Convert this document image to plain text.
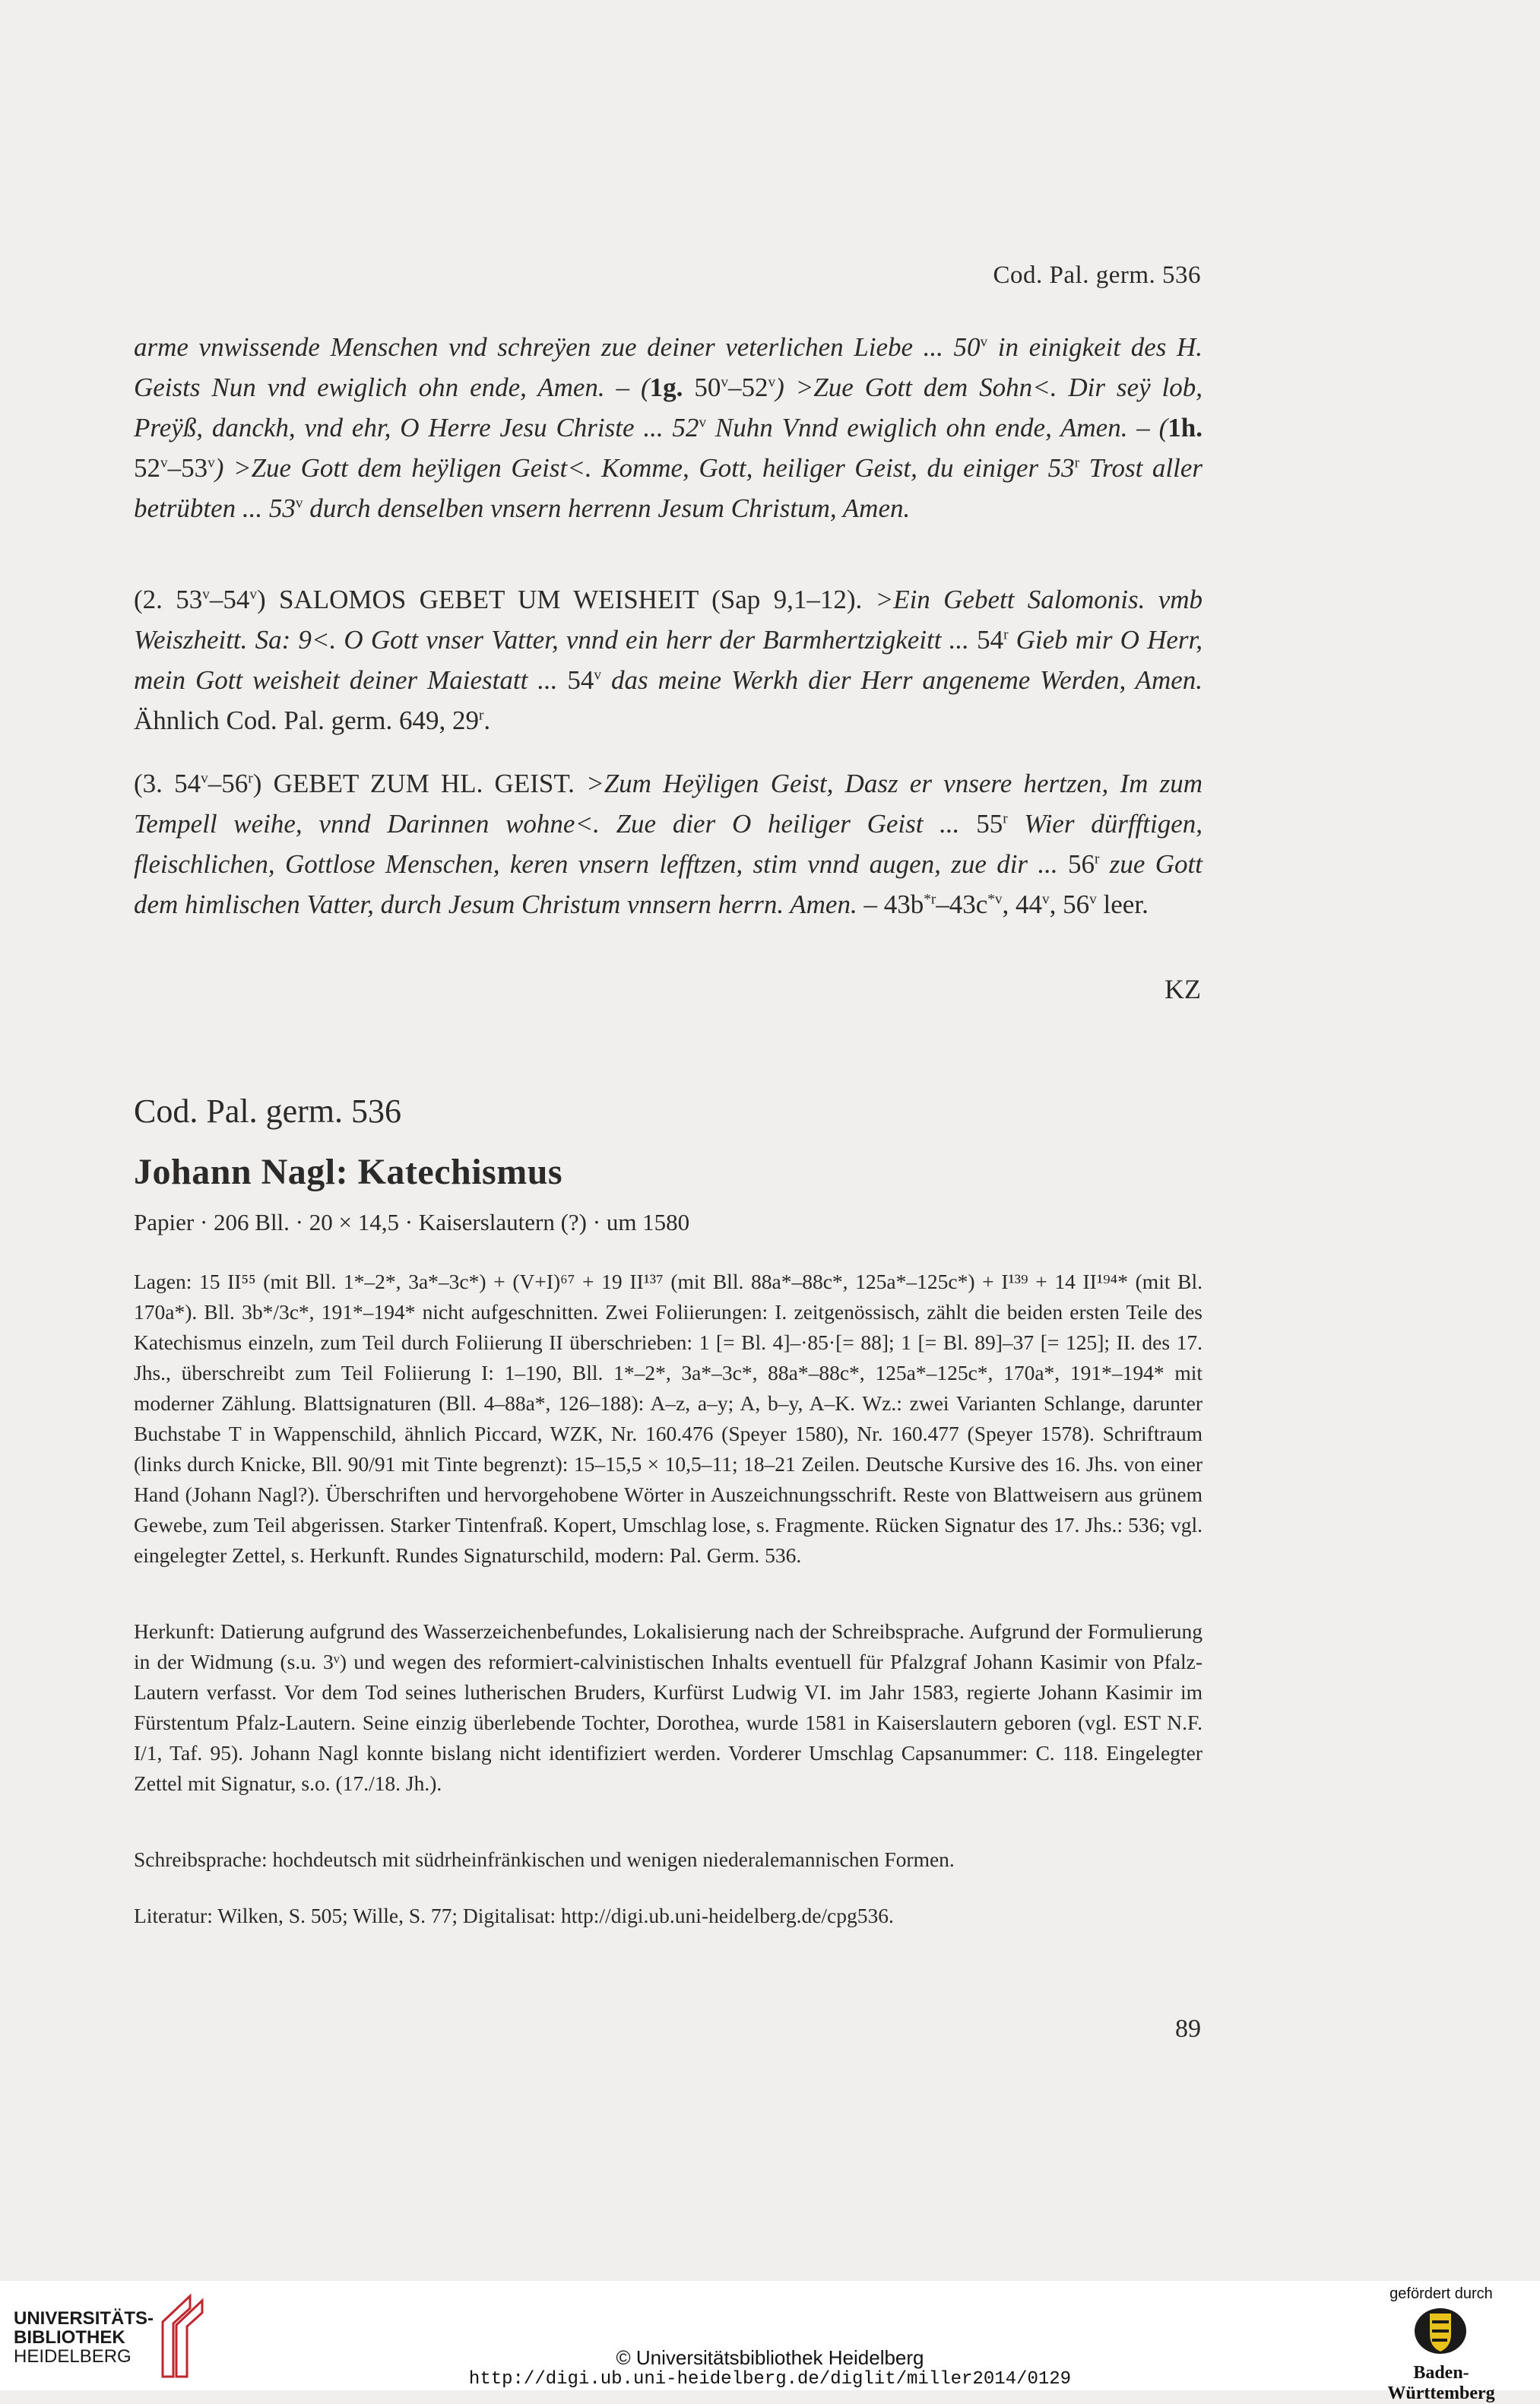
Cod. Pal. germ. 536
arme vnwissende Menschen vnd schreÿen zue deiner veterlichen Liebe ... 50$^v$ in einigkeit des H. Geists Nun vnd ewiglich ohn ende, Amen. – (1g. $50^v-52^v) >Zue$ Gott dem Sohn<. Dir seÿ lob, Preÿß, danckh, vnd ehr, O Herre Jesu Christe ... 52$^v$ Nuhn Vnnd ewiglich ohn ende, Amen. – (1h. $52^v-53^v) >Zue$ Gott dem heÿligen Geist<. Komme, Gott, heiliger Geist, du einiger 53$^r$ Trost aller betrübten ... 53$^v$ durch denselben vnsern herrenn Jesum Christum, Amen.
(2. 53$^v$–54$^v$) SALOMOS GEBET UM WEISHEIT (Sap 9,1–12). >Ein Gebett Salomonis. vmb Weiszheitt. Sa: 9<. O Gott vnser Vatter, vnnd ein herr der Barmhertzigkeitt ... 54$^r$ Gieb mir O Herr, mein Gott weisheit deiner Maiestatt ... 54$^v$ das meine Werkh dier Herr angeneme Werden, Amen. Ähnlich Cod. Pal. germ. 649, 29$^r$.
(3. 54$^v$–56$^r$) GEBET ZUM HL. GEIST. >Zum Heÿligen Geist, Dasz er vnsere hertzen, Im zum Tempell weihe, vnnd Darinnen wohne<. Zue dier O heiliger Geist ... 55$^r$ Wier dürfftigen, fleischlichen, Gottlose Menschen, keren vnsern lefftzen, stim vnnd augen, zue dir ... 56$^r$ zue Gott dem himlischen Vatter, durch Jesum Christum vnnsern herrn. Amen. – $43b^{*r}-43c^{*v}$, 44$^v$, 56$^v$ leer.
KZ
Cod. Pal. germ. 536
Johann Nagl: Katechismus
Papier · 206 Bll. · 20 × 14,5 · Kaiserslautern (?) · um 1580
Lagen: 15 II⁵⁵ (mit Bll. 1*–2*, 3a*–3c*) + (V+I)⁶⁷ + 19 II¹³⁷ (mit Bll. 88a*–88c*, 125a*–125c*) + I¹³⁹ + 14 II¹⁹⁴* (mit Bl. 170a*). Bll. 3b*/3c*, 191*–194* nicht aufgeschnitten. Zwei Foliierungen: I. zeitgenössisch, zählt die beiden ersten Teile des Katechismus einzeln, zum Teil durch Foliierung II überschrieben: 1 [= Bl. 4]–·85·[= 88]; 1 [= Bl. 89]–37 [= 125]; II. des 17. Jhs., überschreibt zum Teil Foliierung I: 1–190, Bll. 1*–2*, 3a*–3c*, 88a*–88c*, 125a*–125c*, 170a*, 191*–194* mit moderner Zählung. Blattsignaturen (Bll. 4–88a*, 126–188): A–z, a–y; A, b–y, A–K. Wz.: zwei Varianten Schlange, darunter Buchstabe T in Wappenschild, ähnlich Piccard, WZK, Nr. 160.476 (Speyer 1580), Nr. 160.477 (Speyer 1578). Schriftraum (links durch Knicke, Bll. 90/91 mit Tinte begrenzt): 15–15,5 × 10,5–11; 18–21 Zeilen. Deutsche Kursive des 16. Jhs. von einer Hand (Johann Nagl?). Überschriften und hervorgehobene Wörter in Auszeichnungsschrift. Reste von Blattweisern aus grünem Gewebe, zum Teil abgerissen. Starker Tintenfraß. Kopert, Umschlag lose, s. Fragmente. Rücken Signatur des 17. Jhs.: 536; vgl. eingelegter Zettel, s. Herkunft. Rundes Signaturschild, modern: Pal. Germ. 536.
Herkunft: Datierung aufgrund des Wasserzeichenbefundes, Lokalisierung nach der Schreibsprache. Aufgrund der Formulierung in der Widmung (s.u. 3ᵛ) und wegen des reformiert-calvinistischen Inhalts eventuell für Pfalzgraf Johann Kasimir von Pfalz-Lautern verfasst. Vor dem Tod seines lutherischen Bruders, Kurfürst Ludwig VI. im Jahr 1583, regierte Johann Kasimir im Fürstentum Pfalz-Lautern. Seine einzig überlebende Tochter, Dorothea, wurde 1581 in Kaiserslautern geboren (vgl. EST N.F. I/1, Taf. 95). Johann Nagl konnte bislang nicht identifiziert werden. Vorderer Umschlag Capsanummer: C. 118. Eingelegter Zettel mit Signatur, s.o. (17./18. Jh.).
Schreibsprache: hochdeutsch mit südrheinfränkischen und wenigen niederalemannischen Formen.
Literatur: Wilken, S. 505; Wille, S. 77; Digitalisat: http://digi.ub.uni-heidelberg.de/cpg536.
89
UNIVERSITÄTS-
BIBLIOTHEK
HEIDELBERG	© Universitätsbibliothek Heidelberg
http://digi.ub.uni-heidelberg.de/diglit/miller2014/0129
gefördert durch
Baden-Württemberg
